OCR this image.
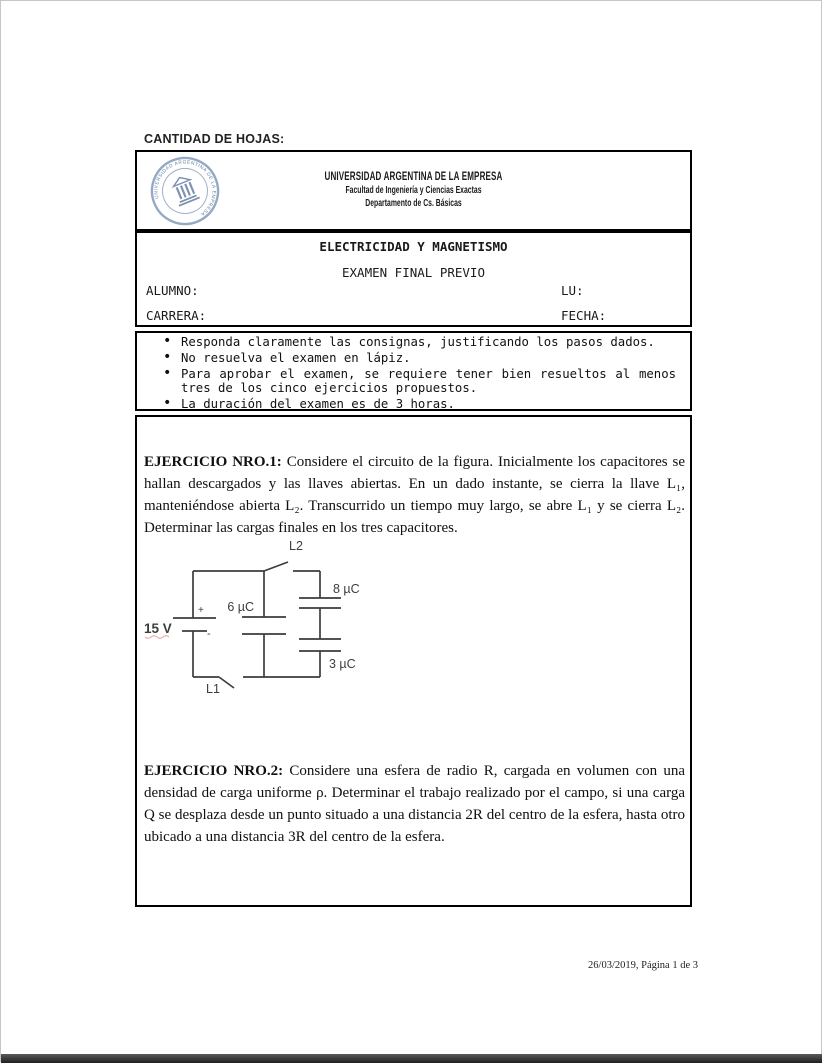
CANTIDAD DE HOJAS:
UNIVERSIDAD ARGENTINA DE LA EMPRESA
UNIVERSIDAD ARGENTINA DE LA EMPRESA
Facultad de Ingeniería y Ciencias Exactas
Departamento de Cs. Básicas
ELECTRICIDAD Y MAGNETISMO
EXAMEN FINAL PREVIO
ALUMNO:	LU:
CARRERA:	FECHA:
• Responda claramente las consignas, justificando los pasos dados.
• No resuelva el examen en lápiz.
• Para aprobar el examen, se requiere tener bien resueltos al menos tres de los cinco ejercicios propuestos.
• La duración del examen es de 3 horas.

EJERCICIO NRO.1: Considere el circuito de la figura. Inicialmente los capacitores se hallan descargados y las llaves abiertas. En un dado instante, se cierra la llave L₁, manteniéndose abierta L₂. Transcurrido un tiempo muy largo, se abre L₁ y se cierra L₂. Determinar las cargas finales en los tres capacitores.

15 V
+
-
6 µC
L2
8 µC
3 µC
L1

EJERCICIO NRO.2: Considere una esfera de radio R, cargada en volumen con una densidad de carga uniforme ρ. Determinar el trabajo realizado por el campo, si una carga Q se desplaza desde un punto situado a una distancia 2R del centro de la esfera, hasta otro ubicado a una distancia 3R del centro de la esfera.

26/03/2019, Página 1 de 3
